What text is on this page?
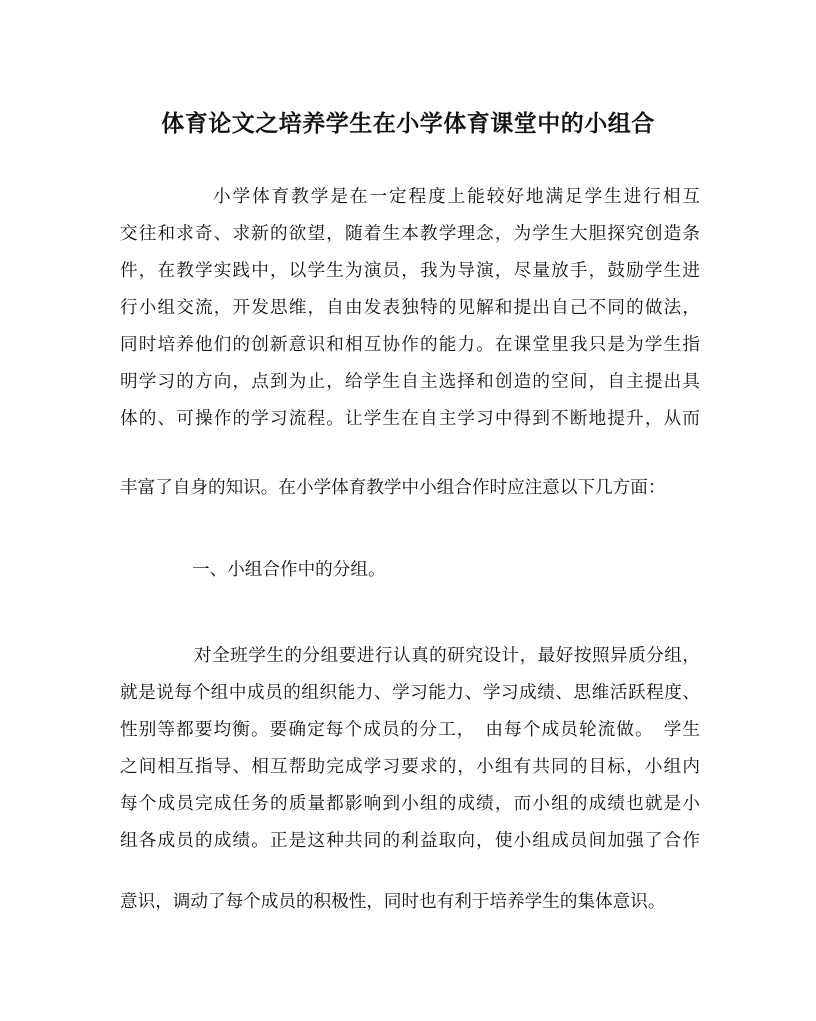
体育论文之培养学生在小学体育课堂中的小组合
小学体育教学是在一定程度上能较好地满足学生进行相互
交往和求奇、求新的欲望，随着生本教学理念，为学生大胆探究创造条
件，在教学实践中，以学生为演员，我为导演，尽量放手，鼓励学生进
行小组交流，开发思维，自由发表独特的见解和提出自己不同的做法，
同时培养他们的创新意识和相互协作的能力。在课堂里我只是为学生指
明学习的方向，点到为止，给学生自主选择和创造的空间，自主提出具
体的、可操作的学习流程。让学生在自主学习中得到不断地提升，从而
丰富了自身的知识。在小学体育教学中小组合作时应注意以下几方面：
一、小组合作中的分组。
对全班学生的分组要进行认真的研究设计，最好按照异质分组，
就是说每个组中成员的组织能力、学习能力、学习成绩、思维活跃程度、
性别等都要均衡。要确定每个成员的分工，　由每个成员轮流做。　学生
之间相互指导、相互帮助完成学习要求的，小组有共同的目标，小组内
每个成员完成任务的质量都影响到小组的成绩，而小组的成绩也就是小
组各成员的成绩。正是这种共同的利益取向，使小组成员间加强了合作
意识，调动了每个成员的积极性，同时也有利于培养学生的集体意识。
